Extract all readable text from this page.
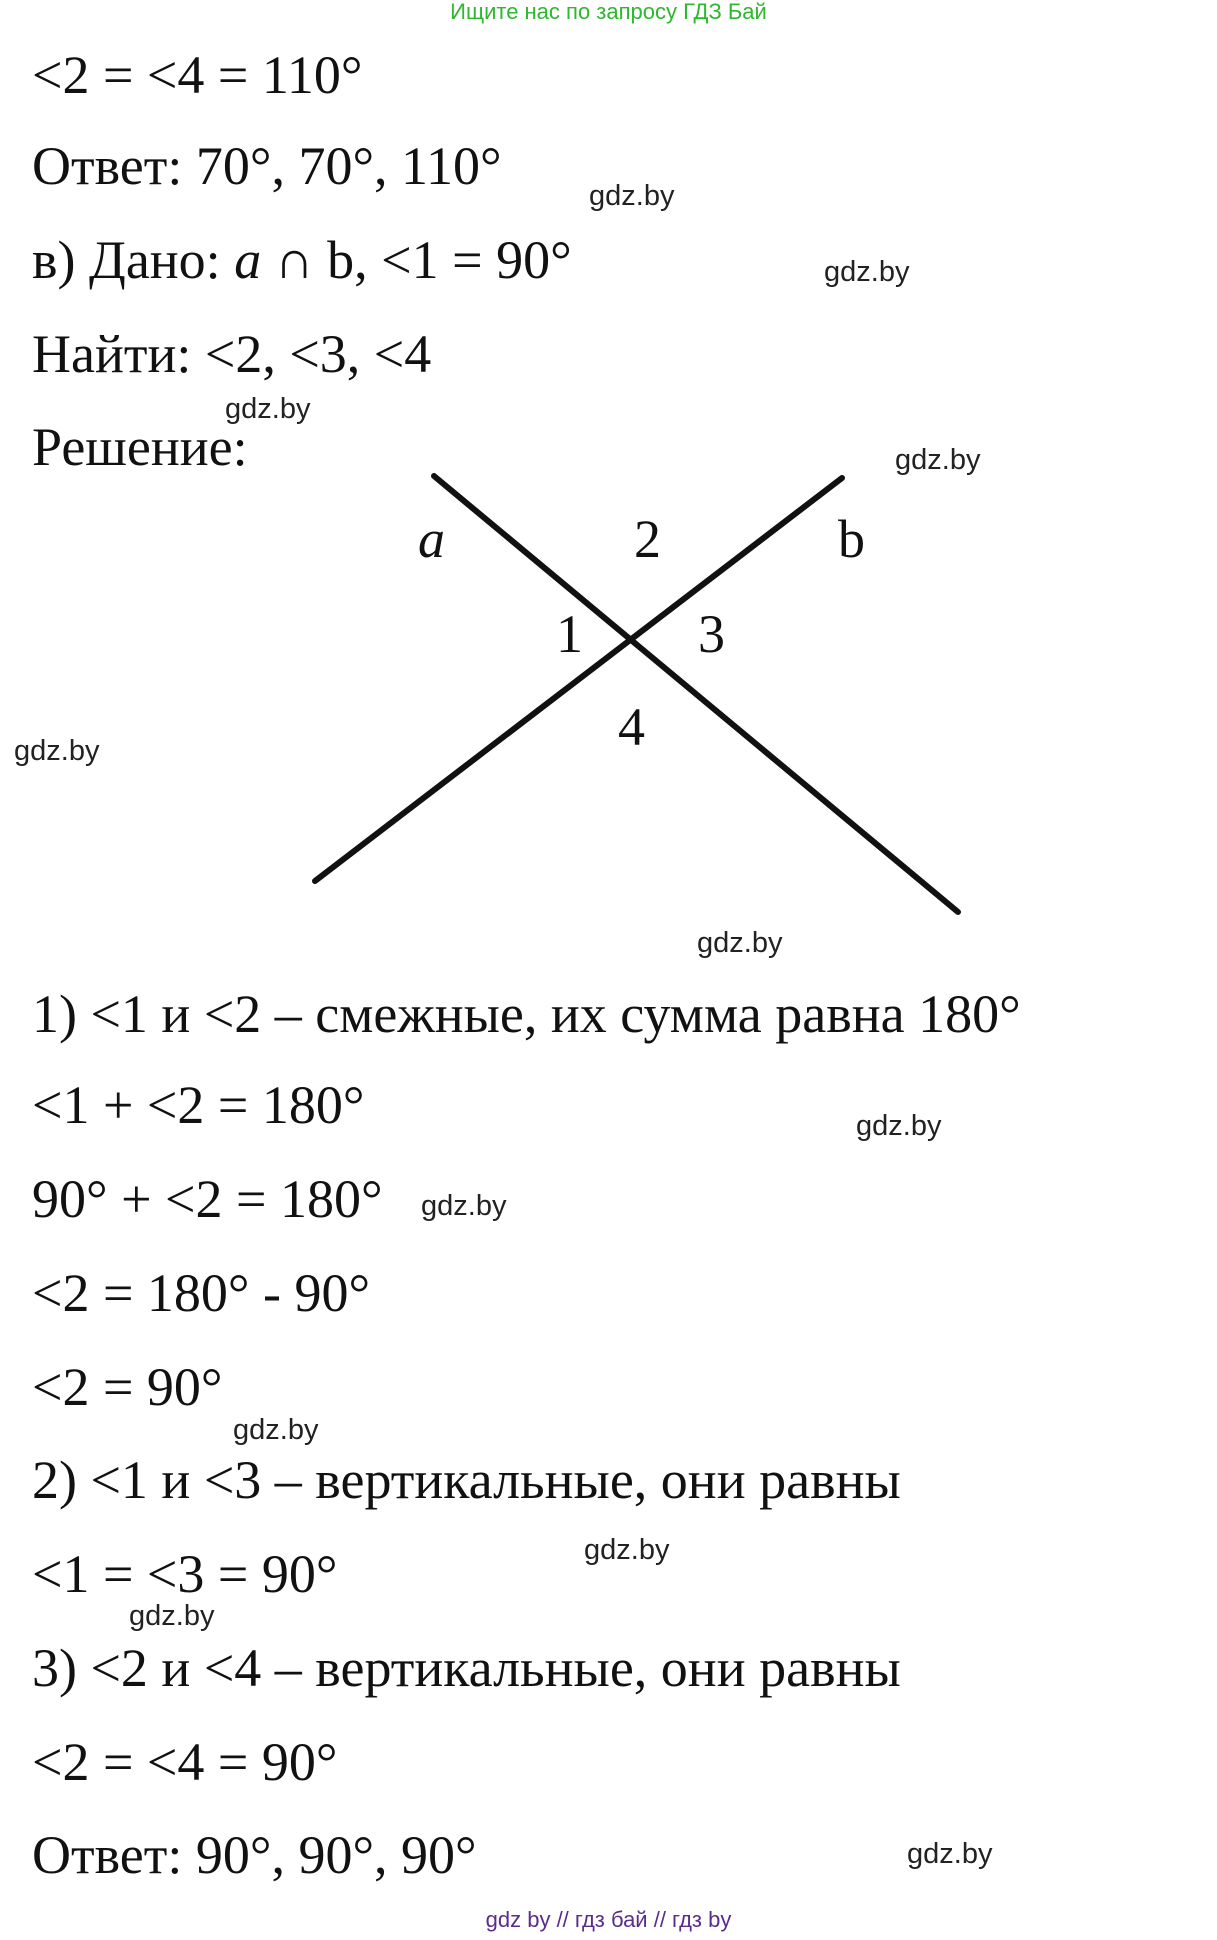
Ищите нас по запросу ГДЗ Бай
<2 = <4 = 110°
Ответ: 70°, 70°, 110°
в) Дано: a ∩ b, <1 = 90°
Найти: <2, <3, <4
Решение:
a	b
2
1 3
4
1) <1 и <2 – смежные, их сумма равна 180°
<1 + <2 = 180°
90° + <2 = 180°
<2 = 180° - 90°
<2 = 90°
2) <1 и <3 – вертикальные, они равны
<1 = <3 = 90°
3) <2 и <4 – вертикальные, они равны
<2 = <4 = 90°
Ответ: 90°, 90°, 90°
gdz.by
gdz.by
gdz.by
gdz.by
gdz.by
gdz.by
gdz.by
gdz.by
gdz.by
gdz.by
gdz.by
gdz.by
gdz by // гдз бай // гдз by
